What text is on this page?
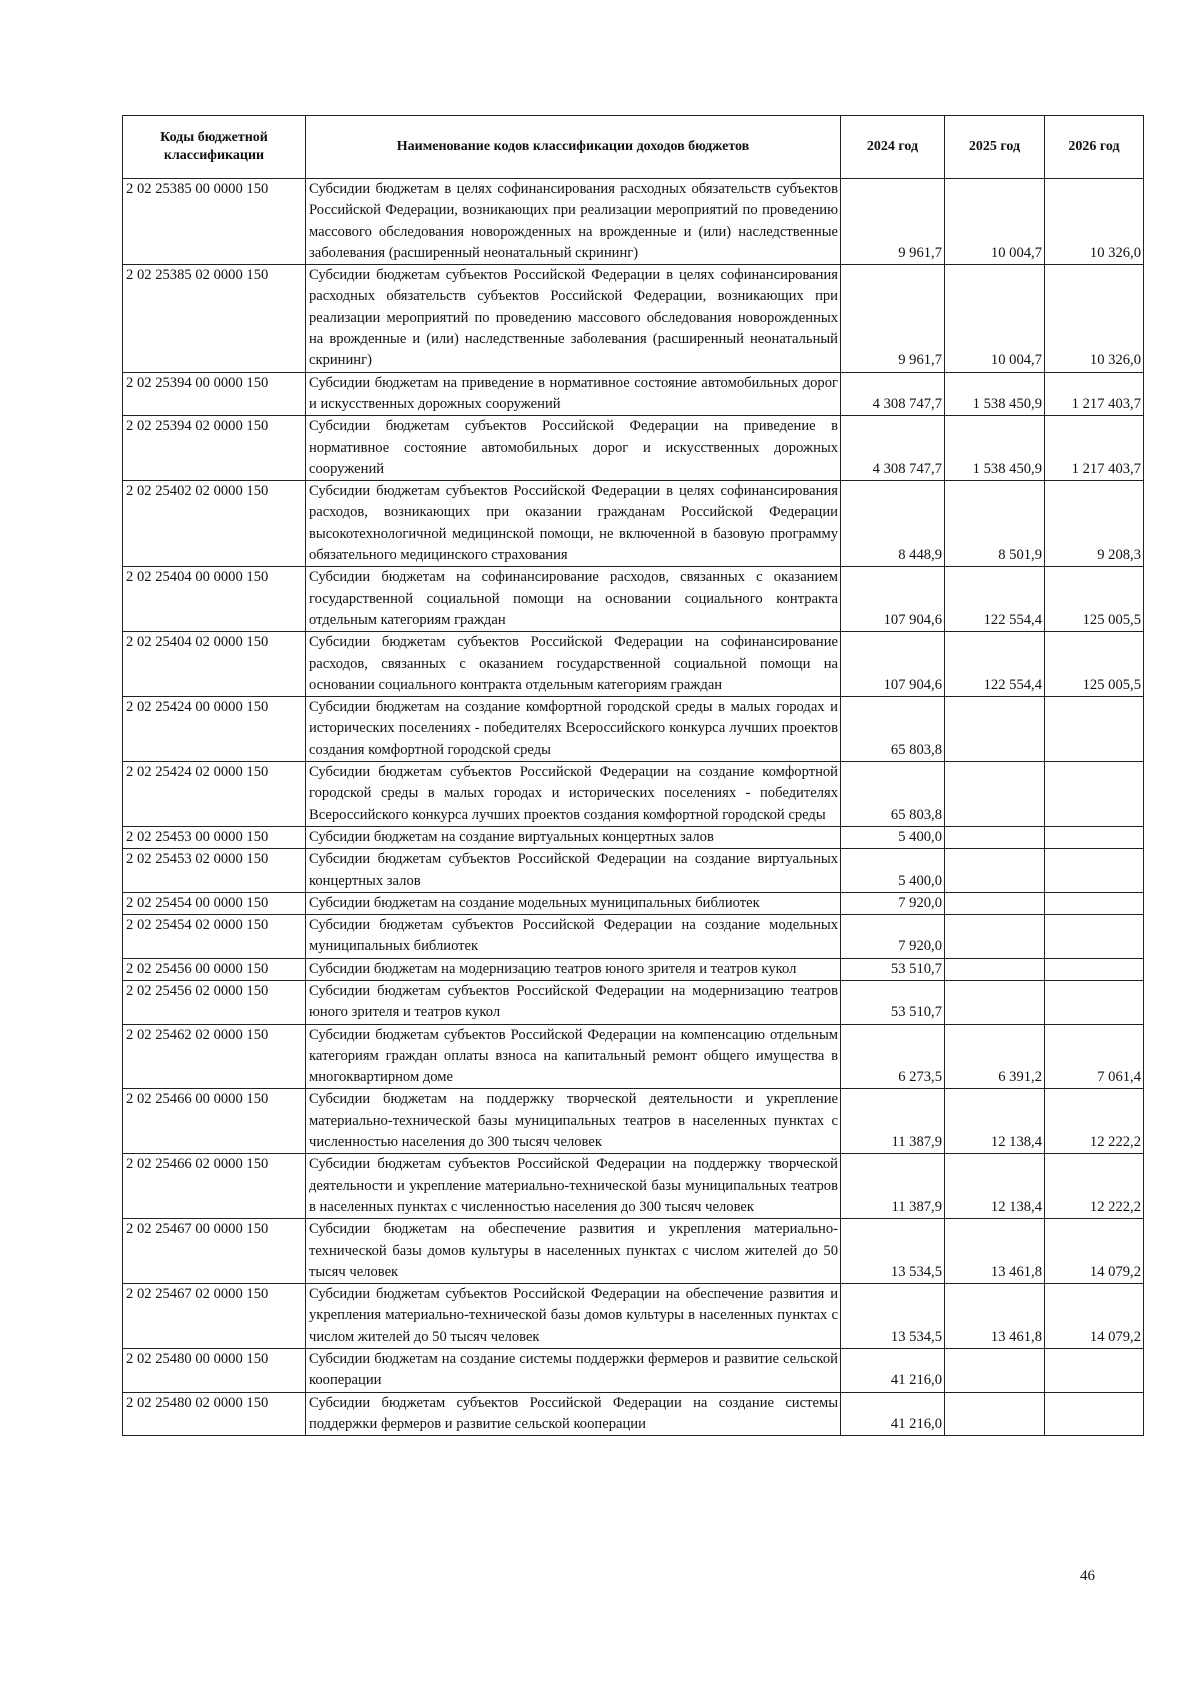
Коды бюджетной классификации	Наименование кодов классификации доходов бюджетов	2024 год	2025 год	2026 год
2 02 25385 00 0000 150	Субсидии бюджетам в целях софинансирования расходных обязательств субъектов Российской Федерации, возникающих при реализации мероприятий по проведению массового обследования новорожденных на врожденные и (или) наследственные заболевания (расширенный неонатальный скрининг)	9 961,7	10 004,7	10 326,0
2 02 25385 02 0000 150	Субсидии бюджетам субъектов Российской Федерации в целях софинансирования расходных обязательств субъектов Российской Федерации, возникающих при реализации мероприятий по проведению массового обследования новорожденных на врожденные и (или) наследственные заболевания (расширенный неонатальный скрининг)	9 961,7	10 004,7	10 326,0
2 02 25394 00 0000 150	Субсидии бюджетам на приведение в нормативное состояние автомобильных дорог и искусственных дорожных сооружений	4 308 747,7	1 538 450,9	1 217 403,7
2 02 25394 02 0000 150	Субсидии бюджетам субъектов Российской Федерации на приведение в нормативное состояние автомобильных дорог и искусственных дорожных сооружений	4 308 747,7	1 538 450,9	1 217 403,7
2 02 25402 02 0000 150	Субсидии бюджетам субъектов Российской Федерации в целях софинансирования расходов, возникающих при оказании гражданам Российской Федерации высокотехнологичной медицинской помощи, не включенной в базовую программу обязательного медицинского страхования	8 448,9	8 501,9	9 208,3
2 02 25404 00 0000 150	Субсидии бюджетам на софинансирование расходов, связанных с оказанием государственной социальной помощи на основании социального контракта отдельным категориям граждан	107 904,6	122 554,4	125 005,5
2 02 25404 02 0000 150	Субсидии бюджетам субъектов Российской Федерации на софинансирование расходов, связанных с оказанием государственной социальной помощи на основании социального контракта отдельным категориям граждан	107 904,6	122 554,4	125 005,5
2 02 25424 00 0000 150	Субсидии бюджетам на создание комфортной городской среды в малых городах и исторических поселениях - победителях Всероссийского конкурса лучших проектов создания комфортной городской среды	65 803,8		
2 02 25424 02 0000 150	Субсидии бюджетам субъектов Российской Федерации на создание комфортной городской среды в малых городах и исторических поселениях - победителях Всероссийского конкурса лучших проектов создания комфортной городской среды	65 803,8		
2 02 25453 00 0000 150	Субсидии бюджетам на создание виртуальных концертных залов	5 400,0		
2 02 25453 02 0000 150	Субсидии бюджетам субъектов Российской Федерации на создание виртуальных концертных залов	5 400,0		
2 02 25454 00 0000 150	Субсидии бюджетам на создание модельных муниципальных библиотек	7 920,0		
2 02 25454 02 0000 150	Субсидии бюджетам субъектов Российской Федерации на создание модельных муниципальных библиотек	7 920,0		
2 02 25456 00 0000 150	Субсидии бюджетам на модернизацию театров юного зрителя и театров кукол	53 510,7		
2 02 25456 02 0000 150	Субсидии бюджетам субъектов Российской Федерации на модернизацию театров юного зрителя и театров кукол	53 510,7		
2 02 25462 02 0000 150	Субсидии бюджетам субъектов Российской Федерации на компенсацию отдельным категориям граждан оплаты взноса на капитальный ремонт общего имущества в многоквартирном доме	6 273,5	6 391,2	7 061,4
2 02 25466 00 0000 150	Субсидии бюджетам на поддержку творческой деятельности и укрепление материально-технической базы муниципальных театров в населенных пунктах с численностью населения до 300 тысяч человек	11 387,9	12 138,4	12 222,2
2 02 25466 02 0000 150	Субсидии бюджетам субъектов Российской Федерации на поддержку творческой деятельности и укрепление материально-технической базы муниципальных театров в населенных пунктах с численностью населения до 300 тысяч человек	11 387,9	12 138,4	12 222,2
2 02 25467 00 0000 150	Субсидии бюджетам на обеспечение развития и укрепления материально-технической базы домов культуры в населенных пунктах с числом жителей до 50 тысяч человек	13 534,5	13 461,8	14 079,2
2 02 25467 02 0000 150	Субсидии бюджетам субъектов Российской Федерации на обеспечение развития и укрепления материально-технической базы домов культуры в населенных пунктах с числом жителей до 50 тысяч человек	13 534,5	13 461,8	14 079,2
2 02 25480 00 0000 150	Субсидии бюджетам на создание системы поддержки фермеров и развитие сельской кооперации	41 216,0		
2 02 25480 02 0000 150	Субсидии бюджетам субъектов Российской Федерации на создание системы поддержки фермеров и развитие сельской кооперации	41 216,0		
46
